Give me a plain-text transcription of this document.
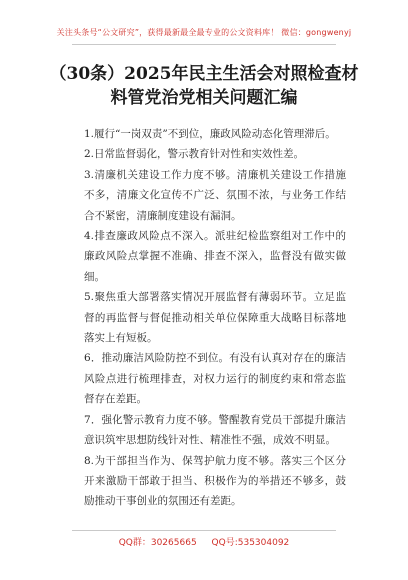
关注头条号“公文研究”，获得最新最全最专业的公文资料库！ 微信：gongwenyj
（30条）2025年民主生活会对照检查材
料管党治党相关问题汇编

1.履行“一岗双责”不到位，廉政风险动态化管理滞后。

2.日常监督弱化，警示教育针对性和实效性差。

3.清廉机关建设工作力度不够。清廉机关建设工作措施不多，清廉文化宣传不广泛、氛围不浓，与业务工作结合不紧密，清廉制度建设有漏洞。

4.排查廉政风险点不深入。派驻纪检监察组对工作中的廉政风险点掌握不准确、排查不深入，监督没有做实做细。

5.聚焦重大部署落实情况开展监督有薄弱环节。立足监督的再监督与督促推动相关单位保障重大战略目标落地落实上有短板。

6．推动廉洁风险防控不到位。有没有认真对存在的廉洁风险点进行梳理排查，对权力运行的制度约束和常态监督存在差距。

7．强化警示教育力度不够。警醒教育党员干部提升廉洁意识筑牢思想防线针对性、精准性不强，成效不明显。

8.为干部担当作为、保驾护航力度不够。落实三个区分开来激励干部敢于担当、积极作为的举措还不够多，鼓励推动干事创业的氛围还有差距。

QQ群：30265665 QQ号:535304092
